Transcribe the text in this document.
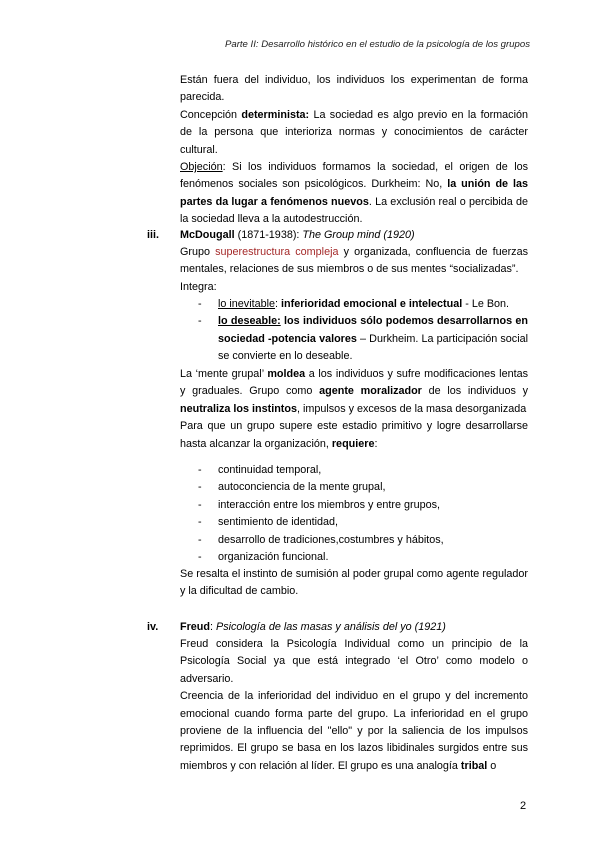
Parte II: Desarrollo histórico en el estudio de la psicología de los grupos

Están fuera del individuo, los individuos los experimentan de forma parecida.

Concepción determinista: La sociedad es algo previo en la formación de la persona que interioriza normas y conocimientos de carácter cultural.

Objeción: Si los individuos formamos la sociedad, el origen de los fenómenos sociales son psicológicos. Durkheim: No, la unión de las partes da lugar a fenómenos nuevos. La exclusión real o percibida de la sociedad lleva a la autodestrucción.

iii. McDougall (1871-1938): The Group mind (1920)

Grupo superestructura compleja y organizada, confluencia de fuerzas mentales, relaciones de sus miembros o de sus mentes “socializadas”.

Integra:

-	lo inevitable: inferioridad emocional e intelectual - Le Bon.
-	lo deseable: los individuos sólo podemos desarrollarnos en sociedad -potencia valores – Durkheim. La participación social se convierte en lo deseable.

La ‘mente grupal’ moldea a los individuos y sufre modificaciones lentas y graduales. Grupo como agente moralizador de los individuos y neutraliza los instintos, impulsos y excesos de la masa desorganizada

Para que un grupo supere este estadio primitivo y logre desarrollarse hasta alcanzar la organización, requiere:

-	continuidad temporal,
-	autoconciencia de la mente grupal,
-	interacción entre los miembros y entre grupos,
-	sentimiento de identidad,
-	desarrollo de tradiciones,costumbres y hábitos,
-	organización funcional.

Se resalta el instinto de sumisión al poder grupal como agente regulador y la dificultad de cambio.

iv. Freud: Psicología de las masas y análisis del yo (1921)

Freud considera la Psicología Individual como un principio de la Psicología Social ya que está integrado ‘el Otro’ como modelo o adversario.

Creencia de la inferioridad del individuo en el grupo y del incremento emocional cuando forma parte del grupo. La inferioridad en el grupo proviene de la influencia del "ello" y por la saliencia de los impulsos reprimidos. El grupo se basa en los lazos libidinales surgidos entre sus miembros y con relación al líder. El grupo es una analogía tribal o

2
